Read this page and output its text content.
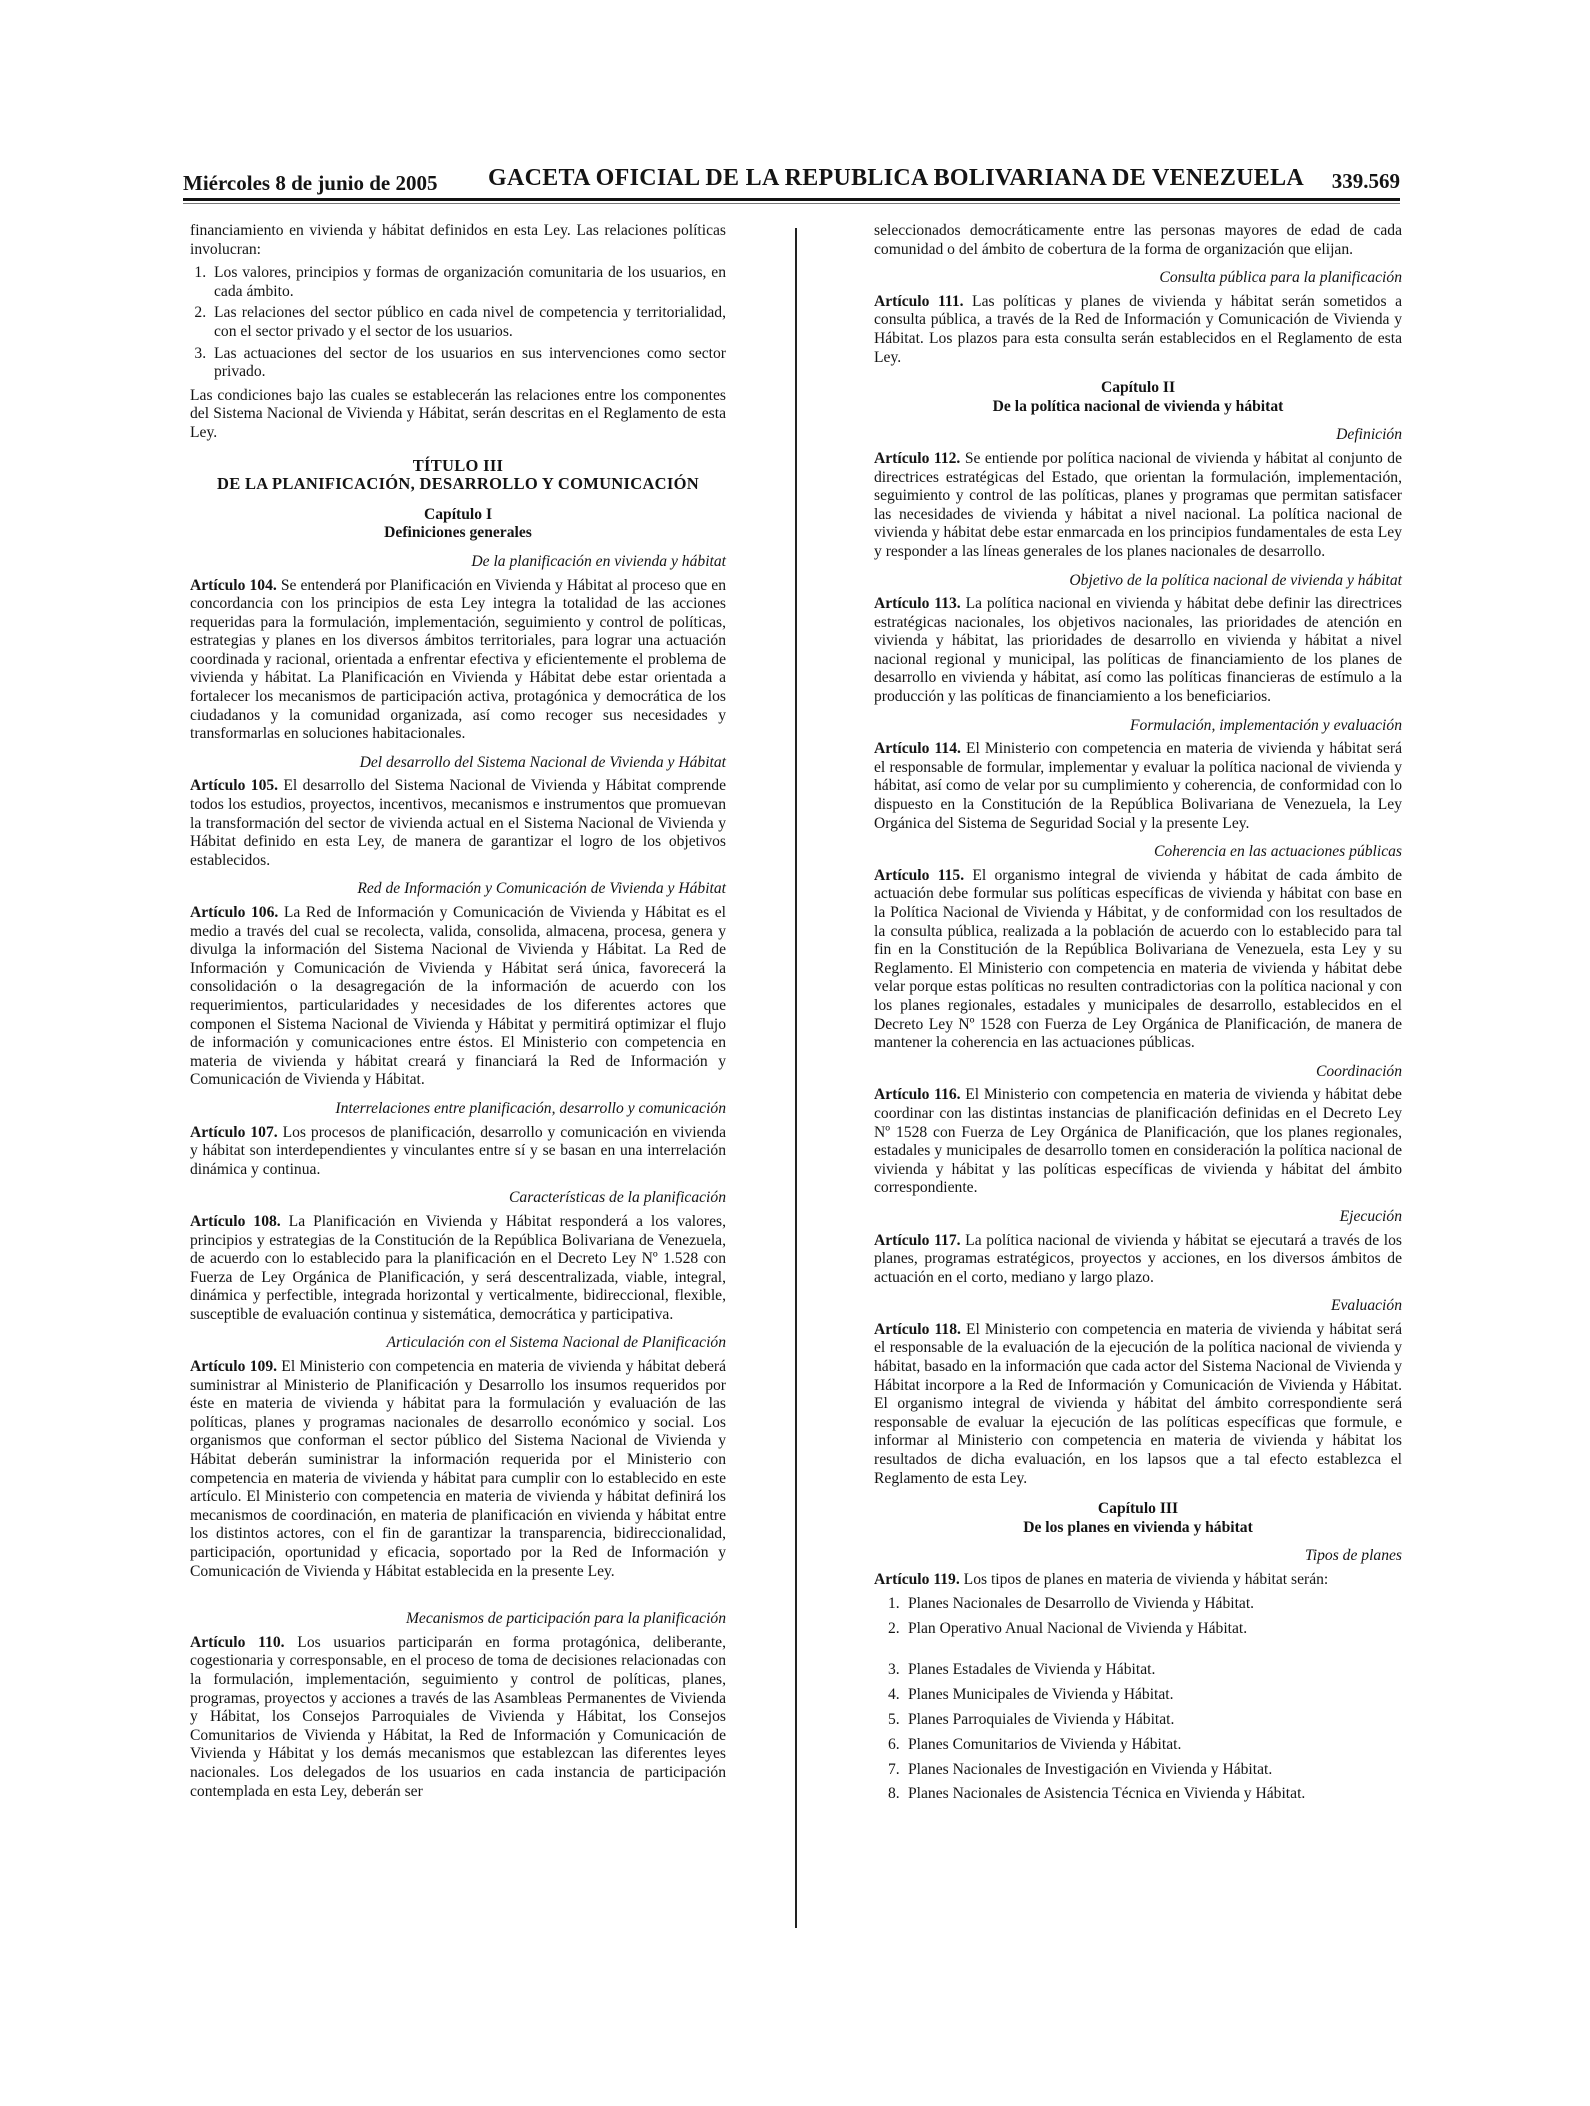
Miércoles 8 de junio de 2005 GACETA OFICIAL DE LA REPUBLICA BOLIVARIANA DE VENEZUELA 339.569

financiamiento en vivienda y hábitat definidos en esta Ley. Las relaciones políticas involucran:

1. Los valores, principios y formas de organización comunitaria de los usuarios, en cada ámbito.
2. Las relaciones del sector público en cada nivel de competencia y territorialidad, con el sector privado y el sector de los usuarios.
3. Las actuaciones del sector de los usuarios en sus intervenciones como sector privado.

Las condiciones bajo las cuales se establecerán las relaciones entre los componentes del Sistema Nacional de Vivienda y Hábitat, serán descritas en el Reglamento de esta Ley.

TÍTULO III

DE LA PLANIFICACIÓN, DESARROLLO Y COMUNICACIÓN

Capítulo I

Definiciones generales

De la planificación en vivienda y hábitat

Artículo 104. Se entenderá por Planificación en Vivienda y Hábitat al proceso que en concordancia con los principios de esta Ley integra la totalidad de las acciones requeridas para la formulación, implementación, seguimiento y control de políticas, estrategias y planes en los diversos ámbitos territoriales, para lograr una actuación coordinada y racional, orientada a enfrentar efectiva y eficientemente el problema de vivienda y hábitat. La Planificación en Vivienda y Hábitat debe estar orientada a fortalecer los mecanismos de participación activa, protagónica y democrática de los ciudadanos y la comunidad organizada, así como recoger sus necesidades y transformarlas en soluciones habitacionales.

Del desarrollo del Sistema Nacional de Vivienda y Hábitat

Artículo 105. El desarrollo del Sistema Nacional de Vivienda y Hábitat comprende todos los estudios, proyectos, incentivos, mecanismos e instrumentos que promuevan la transformación del sector de vivienda actual en el Sistema Nacional de Vivienda y Hábitat definido en esta Ley, de manera de garantizar el logro de los objetivos establecidos.

Red de Información y Comunicación de Vivienda y Hábitat

Artículo 106. La Red de Información y Comunicación de Vivienda y Hábitat es el medio a través del cual se recolecta, valida, consolida, almacena, procesa, genera y divulga la información del Sistema Nacional de Vivienda y Hábitat. La Red de Información y Comunicación de Vivienda y Hábitat será única, favorecerá la consolidación o la desagregación de la información de acuerdo con los requerimientos, particularidades y necesidades de los diferentes actores que componen el Sistema Nacional de Vivienda y Hábitat y permitirá optimizar el flujo de información y comunicaciones entre éstos. El Ministerio con competencia en materia de vivienda y hábitat creará y financiará la Red de Información y Comunicación de Vivienda y Hábitat.

Interrelaciones entre planificación, desarrollo y comunicación

Artículo 107. Los procesos de planificación, desarrollo y comunicación en vivienda y hábitat son interdependientes y vinculantes entre sí y se basan en una interrelación dinámica y continua.

Características de la planificación

Artículo 108. La Planificación en Vivienda y Hábitat responderá a los valores, principios y estrategias de la Constitución de la República Bolivariana de Venezuela, de acuerdo con lo establecido para la planificación en el Decreto Ley Nº 1.528 con Fuerza de Ley Orgánica de Planificación, y será descentralizada, viable, integral, dinámica y perfectible, integrada horizontal y verticalmente, bidireccional, flexible, susceptible de evaluación continua y sistemática, democrática y participativa.

Articulación con el Sistema Nacional de Planificación

Artículo 109. El Ministerio con competencia en materia de vivienda y hábitat deberá suministrar al Ministerio de Planificación y Desarrollo los insumos requeridos por éste en materia de vivienda y hábitat para la formulación y evaluación de las políticas, planes y programas nacionales de desarrollo económico y social. Los organismos que conforman el sector público del Sistema Nacional de Vivienda y Hábitat deberán suministrar la información requerida por el Ministerio con competencia en materia de vivienda y hábitat para cumplir con lo establecido en este artículo. El Ministerio con competencia en materia de vivienda y hábitat definirá los mecanismos de coordinación, en materia de planificación en vivienda y hábitat entre los distintos actores, con el fin de garantizar la transparencia, bidireccionalidad, participación, oportunidad y eficacia, soportado por la Red de Información y Comunicación de Vivienda y Hábitat establecida en la presente Ley.

Mecanismos de participación para la planificación

Artículo 110. Los usuarios participarán en forma protagónica, deliberante, cogestionaria y corresponsable, en el proceso de toma de decisiones relacionadas con la formulación, implementación, seguimiento y control de políticas, planes, programas, proyectos y acciones a través de las Asambleas Permanentes de Vivienda y Hábitat, los Consejos Parroquiales de Vivienda y Hábitat, los Consejos Comunitarios de Vivienda y Hábitat, la Red de Información y Comunicación de Vivienda y Hábitat y los demás mecanismos que establezcan las diferentes leyes nacionales. Los delegados de los usuarios en cada instancia de participación contemplada en esta Ley, deberán ser

seleccionados democráticamente entre las personas mayores de edad de cada comunidad o del ámbito de cobertura de la forma de organización que elijan.

Consulta pública para la planificación

Artículo 111. Las políticas y planes de vivienda y hábitat serán sometidos a consulta pública, a través de la Red de Información y Comunicación de Vivienda y Hábitat. Los plazos para esta consulta serán establecidos en el Reglamento de esta Ley.

Capítulo II

De la política nacional de vivienda y hábitat

Definición

Artículo 112. Se entiende por política nacional de vivienda y hábitat al conjunto de directrices estratégicas del Estado, que orientan la formulación, implementación, seguimiento y control de las políticas, planes y programas que permitan satisfacer las necesidades de vivienda y hábitat a nivel nacional. La política nacional de vivienda y hábitat debe estar enmarcada en los principios fundamentales de esta Ley y responder a las líneas generales de los planes nacionales de desarrollo.

Objetivo de la política nacional de vivienda y hábitat

Artículo 113. La política nacional en vivienda y hábitat debe definir las directrices estratégicas nacionales, los objetivos nacionales, las prioridades de atención en vivienda y hábitat, las prioridades de desarrollo en vivienda y hábitat a nivel nacional regional y municipal, las políticas de financiamiento de los planes de desarrollo en vivienda y hábitat, así como las políticas financieras de estímulo a la producción y las políticas de financiamiento a los beneficiarios.

Formulación, implementación y evaluación

Artículo 114. El Ministerio con competencia en materia de vivienda y hábitat será el responsable de formular, implementar y evaluar la política nacional de vivienda y hábitat, así como de velar por su cumplimiento y coherencia, de conformidad con lo dispuesto en la Constitución de la República Bolivariana de Venezuela, la Ley Orgánica del Sistema de Seguridad Social y la presente Ley.

Coherencia en las actuaciones públicas

Artículo 115. El organismo integral de vivienda y hábitat de cada ámbito de actuación debe formular sus políticas específicas de vivienda y hábitat con base en la Política Nacional de Vivienda y Hábitat, y de conformidad con los resultados de la consulta pública, realizada a la población de acuerdo con lo establecido para tal fin en la Constitución de la República Bolivariana de Venezuela, esta Ley y su Reglamento. El Ministerio con competencia en materia de vivienda y hábitat debe velar porque estas políticas no resulten contradictorias con la política nacional y con los planes regionales, estadales y municipales de desarrollo, establecidos en el Decreto Ley Nº 1528 con Fuerza de Ley Orgánica de Planificación, de manera de mantener la coherencia en las actuaciones públicas.

Coordinación

Artículo 116. El Ministerio con competencia en materia de vivienda y hábitat debe coordinar con las distintas instancias de planificación definidas en el Decreto Ley Nº 1528 con Fuerza de Ley Orgánica de Planificación, que los planes regionales, estadales y municipales de desarrollo tomen en consideración la política nacional de vivienda y hábitat y las políticas específicas de vivienda y hábitat del ámbito correspondiente.

Ejecución

Artículo 117. La política nacional de vivienda y hábitat se ejecutará a través de los planes, programas estratégicos, proyectos y acciones, en los diversos ámbitos de actuación en el corto, mediano y largo plazo.

Evaluación

Artículo 118. El Ministerio con competencia en materia de vivienda y hábitat será el responsable de la evaluación de la ejecución de la política nacional de vivienda y hábitat, basado en la información que cada actor del Sistema Nacional de Vivienda y Hábitat incorpore a la Red de Información y Comunicación de Vivienda y Hábitat. El organismo integral de vivienda y hábitat del ámbito correspondiente será responsable de evaluar la ejecución de las políticas específicas que formule, e informar al Ministerio con competencia en materia de vivienda y hábitat los resultados de dicha evaluación, en los lapsos que a tal efecto establezca el Reglamento de esta Ley.

Capítulo III

De los planes en vivienda y hábitat

Tipos de planes

Artículo 119. Los tipos de planes en materia de vivienda y hábitat serán:

1. Planes Nacionales de Desarrollo de Vivienda y Hábitat.
2. Plan Operativo Anual Nacional de Vivienda y Hábitat.
3. Planes Estadales de Vivienda y Hábitat.
4. Planes Municipales de Vivienda y Hábitat.
5. Planes Parroquiales de Vivienda y Hábitat.
6. Planes Comunitarios de Vivienda y Hábitat.
7. Planes Nacionales de Investigación en Vivienda y Hábitat.
8. Planes Nacionales de Asistencia Técnica en Vivienda y Hábitat.
